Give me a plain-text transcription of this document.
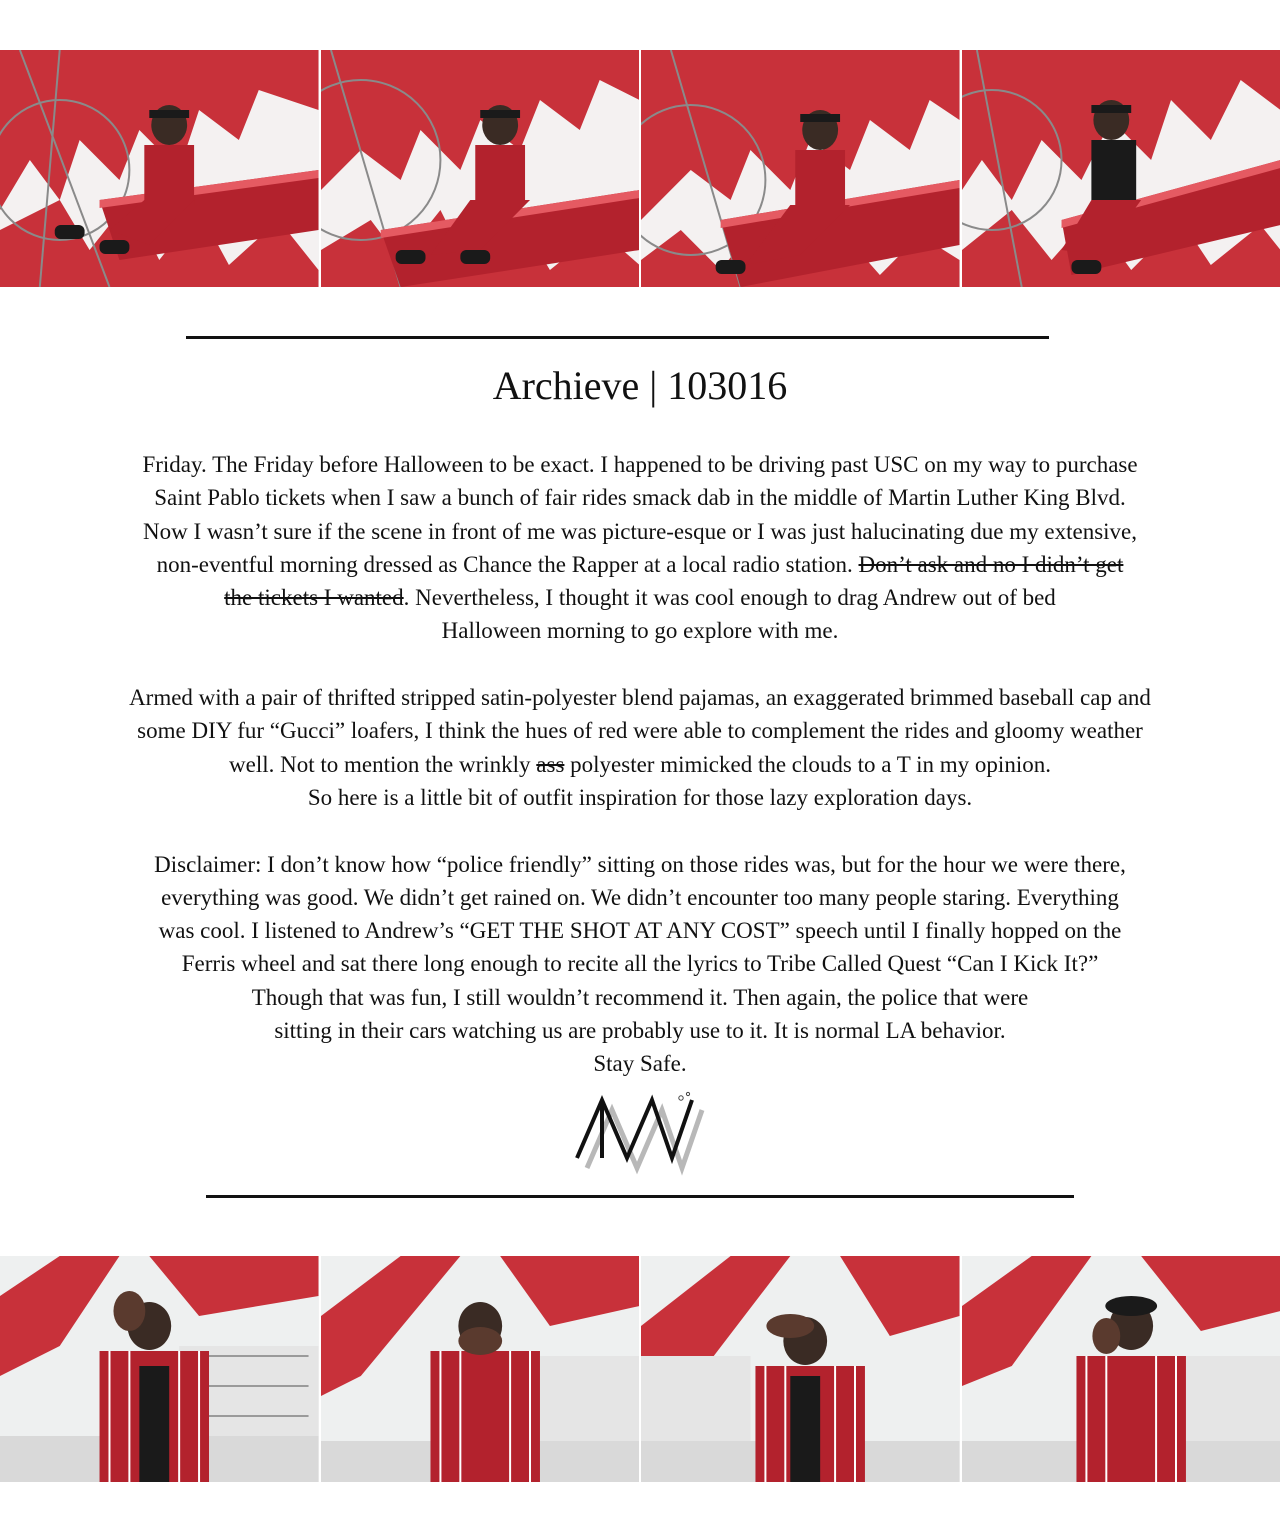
Archieve | 103016

Friday. The Friday before Halloween to be exact. I happened to be driving past USC on my way to purchase
Saint Pablo tickets when I saw a bunch of fair rides smack dab in the middle of Martin Luther King Blvd.
Now I wasn’t sure if the scene in front of me was picture-esque or I was just halucinating due my extensive,
non-eventful morning dressed as Chance the Rapper at a local radio station. Don’t ask and no I didn’t get
the tickets I wanted. Nevertheless, I thought it was cool enough to drag Andrew out of bed
Halloween morning to go explore with me.

Armed with a pair of thrifted stripped satin-polyester blend pajamas, an exaggerated brimmed baseball cap and
some DIY fur “Gucci” loafers, I think the hues of red were able to complement the rides and gloomy weather
well. Not to mention the wrinkly ass polyester mimicked the clouds to a T in my opinion.
So here is a little bit of outfit inspiration for those lazy exploration days.

Disclaimer: I don’t know how “police friendly” sitting on those rides was, but for the hour we were there,
everything was good. We didn’t get rained on. We didn’t encounter too many people staring. Everything
was cool. I listened to Andrew’s “GET THE SHOT AT ANY COST” speech until I finally hopped on the
Ferris wheel and sat there long enough to recite all the lyrics to Tribe Called Quest “Can I Kick It?”
Though that was fun, I still wouldn’t recommend it. Then again, the police that were
sitting in their cars watching us are probably use to it. It is normal LA behavior.
Stay Safe.
